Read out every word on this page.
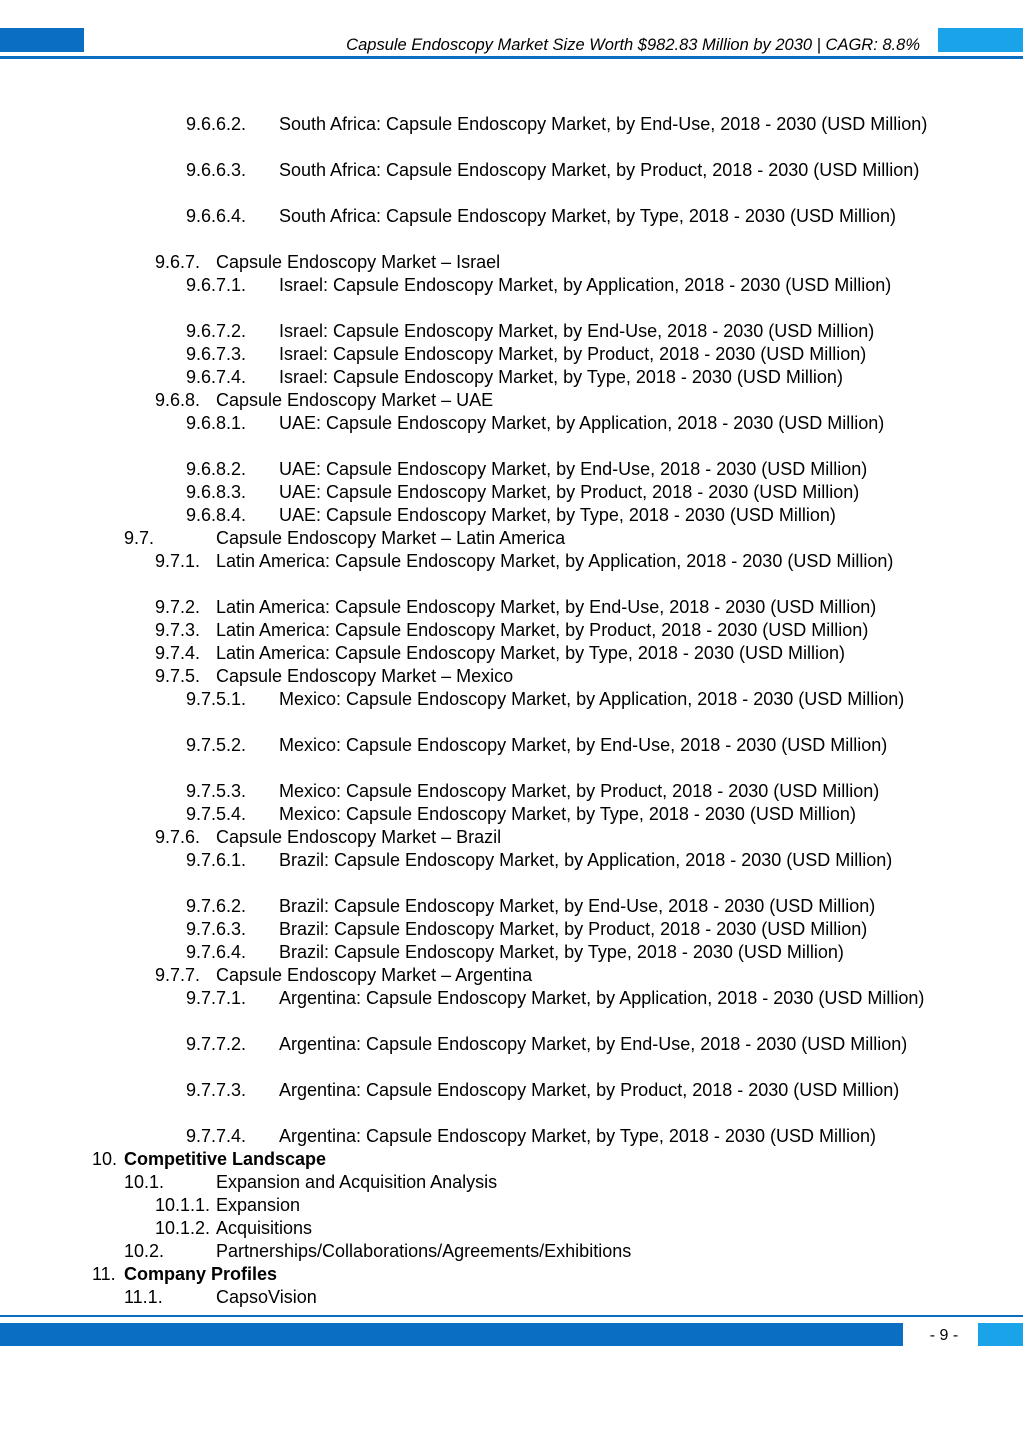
Capsule Endoscopy Market Size Worth $982.83 Million by 2030 | CAGR: 8.8%
9.6.6.2.	South Africa: Capsule Endoscopy Market, by End-Use, 2018 - 2030 (USD Million)
9.6.6.3.	South Africa: Capsule Endoscopy Market, by Product, 2018 - 2030 (USD Million)
9.6.6.4.	South Africa: Capsule Endoscopy Market, by Type, 2018 - 2030 (USD Million)
9.6.7. Capsule Endoscopy Market – Israel
9.6.7.1.	Israel: Capsule Endoscopy Market, by Application, 2018 - 2030 (USD Million)
9.6.7.2. Israel: Capsule Endoscopy Market, by End-Use, 2018 - 2030 (USD Million)
9.6.7.3. Israel: Capsule Endoscopy Market, by Product, 2018 - 2030 (USD Million)
9.6.7.4. Israel: Capsule Endoscopy Market, by Type, 2018 - 2030 (USD Million)
9.6.8. Capsule Endoscopy Market – UAE
9.6.8.1.	UAE: Capsule Endoscopy Market, by Application, 2018 - 2030 (USD Million)
9.6.8.2. UAE: Capsule Endoscopy Market, by End-Use, 2018 - 2030 (USD Million)
9.6.8.3. UAE: Capsule Endoscopy Market, by Product, 2018 - 2030 (USD Million)
9.6.8.4. UAE: Capsule Endoscopy Market, by Type, 2018 - 2030 (USD Million)
9.7.	Capsule Endoscopy Market – Latin America
9.7.1. Latin America: Capsule Endoscopy Market, by Application, 2018 - 2030 (USD Million)
9.7.2. Latin America: Capsule Endoscopy Market, by End-Use, 2018 - 2030 (USD Million)
9.7.3. Latin America: Capsule Endoscopy Market, by Product, 2018 - 2030 (USD Million)
9.7.4. Latin America: Capsule Endoscopy Market, by Type, 2018 - 2030 (USD Million)
9.7.5. Capsule Endoscopy Market – Mexico
9.7.5.1.	Mexico: Capsule Endoscopy Market, by Application, 2018 - 2030 (USD Million)
9.7.5.2.	Mexico: Capsule Endoscopy Market, by End-Use, 2018 - 2030 (USD Million)
9.7.5.3. Mexico: Capsule Endoscopy Market, by Product, 2018 - 2030 (USD Million)
9.7.5.4. Mexico: Capsule Endoscopy Market, by Type, 2018 - 2030 (USD Million)
9.7.6. Capsule Endoscopy Market – Brazil
9.7.6.1.	Brazil: Capsule Endoscopy Market, by Application, 2018 - 2030 (USD Million)
9.7.6.2. Brazil: Capsule Endoscopy Market, by End-Use, 2018 - 2030 (USD Million)
9.7.6.3. Brazil: Capsule Endoscopy Market, by Product, 2018 - 2030 (USD Million)
9.7.6.4. Brazil: Capsule Endoscopy Market, by Type, 2018 - 2030 (USD Million)
9.7.7. Capsule Endoscopy Market – Argentina
9.7.7.1.	Argentina: Capsule Endoscopy Market, by Application, 2018 - 2030 (USD Million)
9.7.7.2.	Argentina: Capsule Endoscopy Market, by End-Use, 2018 - 2030 (USD Million)
9.7.7.3.	Argentina: Capsule Endoscopy Market, by Product, 2018 - 2030 (USD Million)
9.7.7.4. Argentina: Capsule Endoscopy Market, by Type, 2018 - 2030 (USD Million)
10. Competitive Landscape
10.1.	Expansion and Acquisition Analysis
10.1.1. Expansion
10.1.2. Acquisitions
10.2.	Partnerships/Collaborations/Agreements/Exhibitions
11. Company Profiles
11.1.	CapsoVision
- 9 -
